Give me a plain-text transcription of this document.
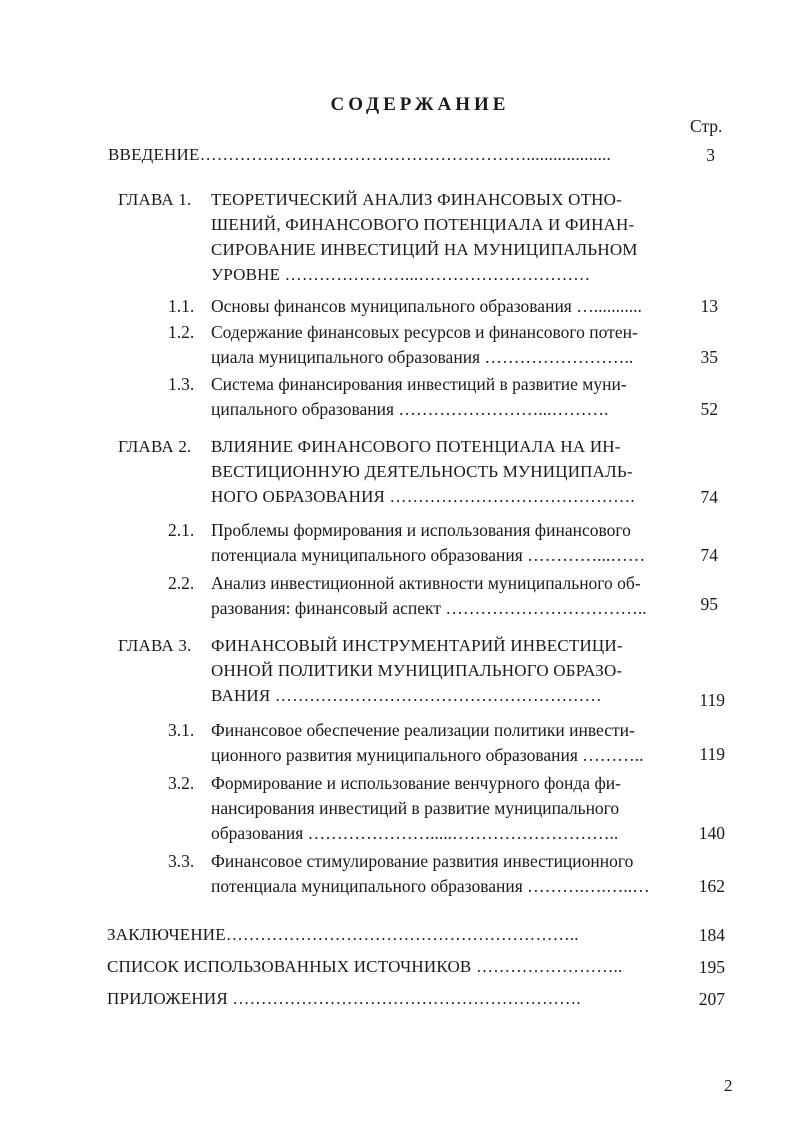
СОДЕРЖАНИЕ
Стр.
ВВЕДЕНИЕ…………………………………………………...................	3
ГЛАВА 1. ТЕОРЕТИЧЕСКИЙ АНАЛИЗ ФИНАНСОВЫХ ОТНО-
ШЕНИЙ, ФИНАНСОВОГО ПОТЕНЦИАЛА И ФИНАН-
СИРОВАНИЕ ИНВЕСТИЦИЙ НА МУНИЦИПАЛЬНОМ
УРОВНЕ …………………...…………………………
1.1. Основы финансов муниципального образования …...........	13
1.2. Содержание финансовых ресурсов и финансового потен-
циала муниципального образования ……………………..	35
1.3. Система финансирования инвестиций в развитие муни-
ципального образования ……………………...……….	52
ГЛАВА 2. ВЛИЯНИЕ ФИНАНСОВОГО ПОТЕНЦИАЛА НА ИН-
ВЕСТИЦИОННУЮ ДЕЯТЕЛЬНОСТЬ МУНИЦИПАЛЬ-
НОГО ОБРАЗОВАНИЯ …………………………………….	74
2.1. Проблемы формирования и использования финансового
потенциала муниципального образования …………...……	74
2.2. Анализ инвестиционной активности муниципального об-
разования: финансовый аспект ……………………………..	95
ГЛАВА 3. ФИНАНСОВЫЙ ИНСТРУМЕНТАРИЙ ИНВЕСТИЦИ-
ОННОЙ ПОЛИТИКИ МУНИЦИПАЛЬНОГО ОБРАЗО-
ВАНИЯ …………………………………………………	119
3.1. Финансовое обеспечение реализации политики инвести-
ционного развития муниципального образования ………..	119
3.2. Формирование и использование венчурного фонда фи-
нансирования инвестиций в развитие муниципального
образования ………………….....………………………..	140
3.3. Финансовое стимулирование развития инвестиционного
потенциала муниципального образования ……….….…..…	162
ЗАКЛЮЧЕНИЕ……………………………………………………..	184
СПИСОК ИСПОЛЬЗОВАННЫХ ИСТОЧНИКОВ ……………………..	195
ПРИЛОЖЕНИЯ …………………………………………………….	207
2
